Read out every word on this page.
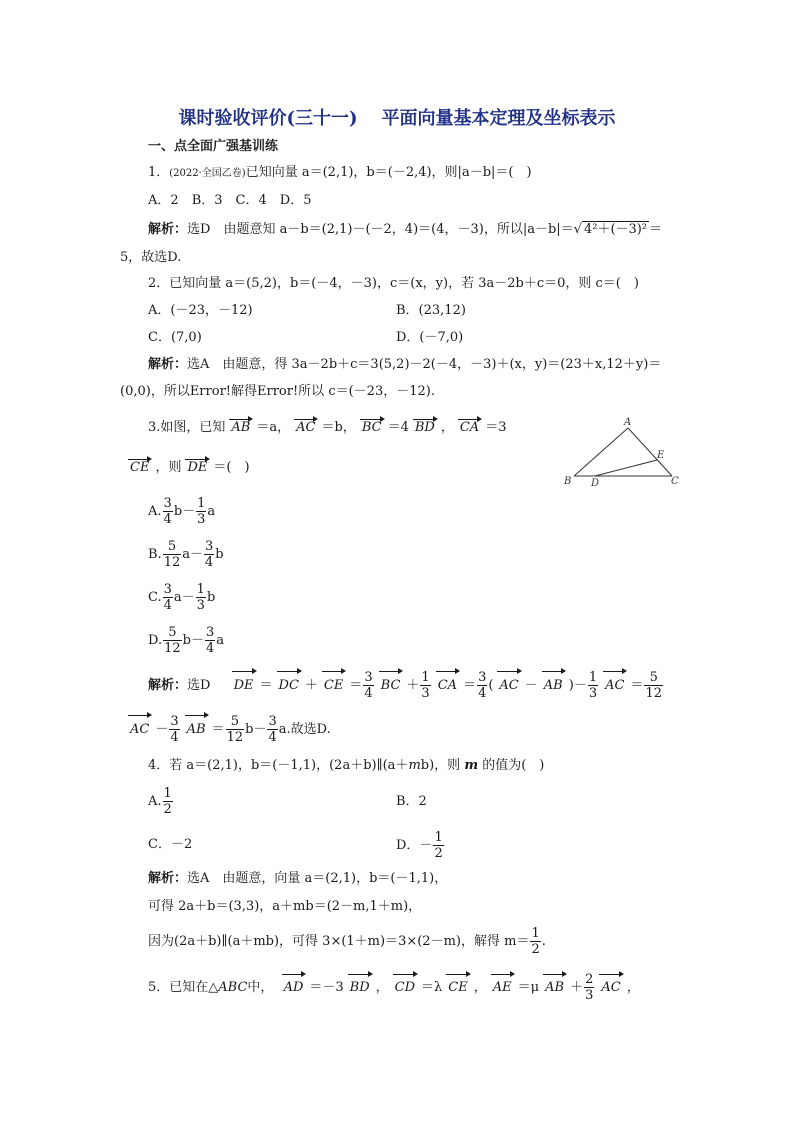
课时验收评价(三十一) 平面向量基本定理及坐标表示
一、点全面广强基训练
1．(2022·全国乙卷)已知向量 a＝(2,1)，b＝(－2,4)，则|a－b|＝(　)
A．2　 B．3　 C．4　 D．5
解析：选D　由题意知 a－b＝(2,1)－(－2，4)＝(4，－3)，所以|a－b|＝√ 4²＋(－3)² ＝
5，故选D.
2．已知向量 a＝(5,2)，b＝(－4，－3)，c＝(x，y)，若 3a－2b＋c＝0，则 c＝(　)
A．(－23，－12)	B．(23,12)
C．(7,0)	D．(－7,0)
解析：选A　由题意，得 3a－2b＋c＝3(5,2)－2(－4，－3)＋(x，y)＝(23＋x,12＋y)＝
(0,0)，所以Error!解得Error!所以 c＝(－23，－12).
3.如图，已知 AB ＝a， AC ＝b， BC ＝4 BD ， CA ＝3
CE ，则 DE ＝(　)
A
B	C
D
E
A. $\frac{3}{4} b- \frac{1}{3}$ a
B. $\frac{5}{12} a- \frac{3}{4}$ b
C. $\frac{3}{4} a- \frac{1}{3}$ b
D. $\frac{5}{12} b- \frac{3}{4}$ a
解析：选D　 DE ＝ DC ＋ CE ＝ $\frac{3}{4}$ BC ＋ $\frac{1}{3}$ CA ＝ $\frac{3}{4}$ ( AC － AB )－ $\frac{1}{3}$ AC ＝ $\frac{5}{12}$
AC － $\frac{3}{4}$ AB ＝ $\frac{5}{12} b- \frac{3}{4} a$.故选D.
4．若 a＝(2,1)，b＝(－1,1)，(2a＋b)∥(a＋mb)，则 m 的值为(　)
A. $\frac{1}{2}$	B．2
C．－2	D．－ $\frac{1}{2}$
解析：选A　由题意，向量 a＝(2,1)，b＝(－1,1)，
可得 2a＋b＝(3,3)，a＋mb＝(2－m,1＋m)，
因为(2a＋b)∥(a＋mb)，可得 3×(1＋m)＝3×(2－m)，解得 $m= \frac{1}{2}$ .
5．已知在△ABC中， AD ＝－3 BD ， CD ＝λ CE ， AE ＝μ AB ＋ $\frac{2}{3}$ AC ，
